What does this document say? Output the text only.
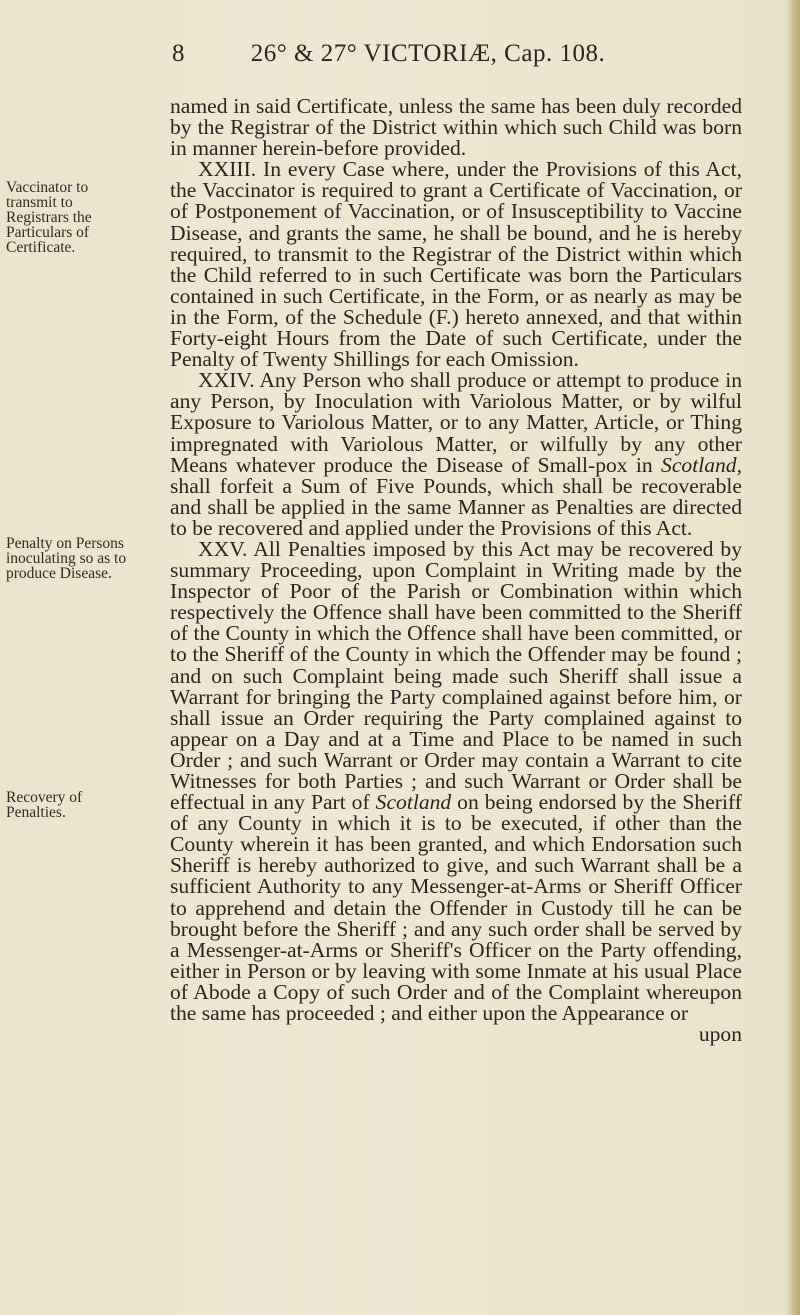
8	26° & 27° VICTORIÆ, Cap. 108.
Vaccinator to transmit to Registrars the Particulars of Certificate.
Penalty on Persons inoculating so as to produce Disease.
Recovery of Penalties.

named in said Certificate, unless the same has been duly recorded by the Registrar of the District within which such Child was born in manner herein-before provided.

XXIII. In every Case where, under the Provisions of this Act, the Vaccinator is required to grant a Certificate of Vaccination, or of Postponement of Vaccination, or of Insusceptibility to Vaccine Disease, and grants the same, he shall be bound, and he is hereby required, to transmit to the Registrar of the District within which the Child referred to in such Certificate was born the Particulars contained in such Certificate, in the Form, or as nearly as may be in the Form, of the Schedule (F.) hereto annexed, and that within Forty-eight Hours from the Date of such Certificate, under the Penalty of Twenty Shillings for each Omission.

XXIV. Any Person who shall produce or attempt to produce in any Person, by Inoculation with Variolous Matter, or by wilful Exposure to Variolous Matter, or to any Matter, Article, or Thing impregnated with Variolous Matter, or wilfully by any other Means whatever produce the Disease of Small-pox in Scotland, shall forfeit a Sum of Five Pounds, which shall be recoverable and shall be applied in the same Manner as Penalties are directed to be recovered and applied under the Provisions of this Act.

XXV. All Penalties imposed by this Act may be recovered by summary Proceeding, upon Complaint in Writing made by the Inspector of Poor of the Parish or Combination within which respectively the Offence shall have been committed to the Sheriff of the County in which the Offence shall have been committed, or to the Sheriff of the County in which the Offender may be found ; and on such Complaint being made such Sheriff shall issue a Warrant for bringing the Party complained against before him, or shall issue an Order requiring the Party complained against to appear on a Day and at a Time and Place to be named in such Order ; and such Warrant or Order may contain a Warrant to cite Witnesses for both Parties ; and such Warrant or Order shall be effectual in any Part of Scotland on being endorsed by the Sheriff of any County in which it is to be executed, if other than the County wherein it has been granted, and which Endorsation such Sheriff is hereby authorized to give, and such Warrant shall be a sufficient Authority to any Messenger-at-Arms or Sheriff Officer to apprehend and detain the Offender in Custody till he can be brought before the Sheriff ; and any such order shall be served by a Messenger-at-Arms or Sheriff's Officer on the Party offending, either in Person or by leaving with some Inmate at his usual Place of Abode a Copy of such Order and of the Complaint whereupon the same has proceeded ; and either upon the Appearance or

upon
